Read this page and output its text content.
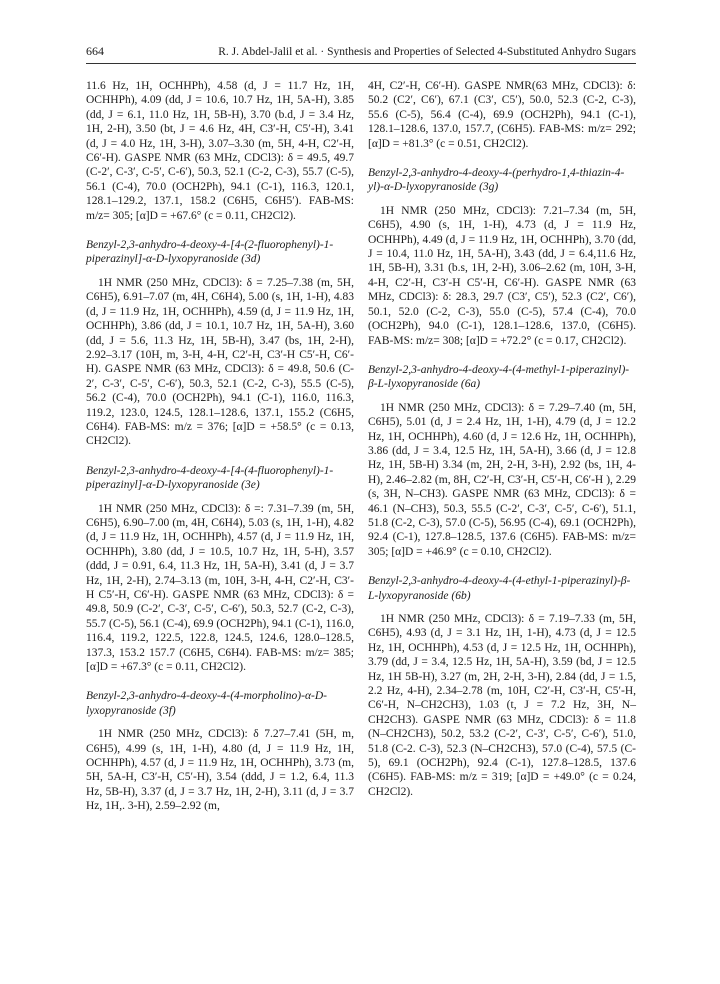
664	R. J. Abdel-Jalil et al. · Synthesis and Properties of Selected 4-Substituted Anhydro Sugars

11.6 Hz, 1H, OCHHPh), 4.58 (d, J = 11.7 Hz, 1H, OCHHPh), 4.09 (dd, J = 10.6, 10.7 Hz, 1H, 5A-H), 3.85 (dd, J = 6.1, 11.0 Hz, 1H, 5B-H), 3.70 (b.d, J = 3.4 Hz, 1H, 2-H), 3.50 (bt, J = 4.6 Hz, 4H, C3′-H, C5′-H), 3.41 (d, J = 4.0 Hz, 1H, 3-H), 3.07–3.30 (m, 5H, 4-H, C2′-H, C6′-H). GASPE NMR (63 MHz, CDCl3): δ = 49.5, 49.7 (C-2′, C-3′, C-5′, C-6′), 50.3, 52.1 (C-2, C-3), 55.7 (C-5), 56.1 (C-4), 70.0 (OCH2Ph), 94.1 (C-1), 116.3, 120.1, 128.1–129.2, 137.1, 158.2 (C6H5, C6H5′). FAB-MS: m/z= 305; [α]D = +67.6° (c = 0.11, CH2Cl2).

Benzyl-2,3-anhydro-4-deoxy-4-[4-(2-fluorophenyl)-1-piperazinyl]-α-D-lyxopyranoside (3d)

1H NMR (250 MHz, CDCl3): δ = 7.25–7.38 (m, 5H, C6H5), 6.91–7.07 (m, 4H, C6H4), 5.00 (s, 1H, 1-H), 4.83 (d, J = 11.9 Hz, 1H, OCHHPh), 4.59 (d, J = 11.9 Hz, 1H, OCHHPh), 3.86 (dd, J = 10.1, 10.7 Hz, 1H, 5A-H), 3.60 (dd, J = 5.6, 11.3 Hz, 1H, 5B-H), 3.47 (bs, 1H, 2-H), 2.92–3.17 (10H, m, 3-H, 4-H, C2′-H, C3′-H C5′-H, C6′-H). GASPE NMR (63 MHz, CDCl3): δ = 49.8, 50.6 (C-2′, C-3′, C-5′, C-6′), 50.3, 52.1 (C-2, C-3), 55.5 (C-5), 56.2 (C-4), 70.0 (OCH2Ph), 94.1 (C-1), 116.0, 116.3, 119.2, 123.0, 124.5, 128.1–128.6, 137.1, 155.2 (C6H5, C6H4). FAB-MS: m/z = 376; [α]D = +58.5° (c = 0.13, CH2Cl2).

Benzyl-2,3-anhydro-4-deoxy-4-[4-(4-fluorophenyl)-1-piperazinyl]-α-D-lyxopyranoside (3e)

1H NMR (250 MHz, CDCl3): δ =: 7.31–7.39 (m, 5H, C6H5), 6.90–7.00 (m, 4H, C6H4), 5.03 (s, 1H, 1-H), 4.82 (d, J = 11.9 Hz, 1H, OCHHPh), 4.57 (d, J = 11.9 Hz, 1H, OCHHPh), 3.80 (dd, J = 10.5, 10.7 Hz, 1H, 5-H), 3.57 (ddd, J = 0.91, 6.4, 11.3 Hz, 1H, 5A-H), 3.41 (d, J = 3.7 Hz, 1H, 2-H), 2.74–3.13 (m, 10H, 3-H, 4-H, C2′-H, C3′-H C5′-H, C6′-H). GASPE NMR (63 MHz, CDCl3): δ = 49.8, 50.9 (C-2′, C-3′, C-5′, C-6′), 50.3, 52.7 (C-2, C-3), 55.7 (C-5), 56.1 (C-4), 69.9 (OCH2Ph), 94.1 (C-1), 116.0, 116.4, 119.2, 122.5, 122.8, 124.5, 124.6, 128.0–128.5, 137.3, 153.2 157.7 (C6H5, C6H4). FAB-MS: m/z= 385; [α]D = +67.3° (c = 0.11, CH2Cl2).

Benzyl-2,3-anhydro-4-deoxy-4-(4-morpholino)-α-D-lyxopyranoside (3f)

1H NMR (250 MHz, CDCl3): δ 7.27–7.41 (5H, m, C6H5), 4.99 (s, 1H, 1-H), 4.80 (d, J = 11.9 Hz, 1H, OCHHPh), 4.57 (d, J = 11.9 Hz, 1H, OCHHPh), 3.73 (m, 5H, 5A-H, C3′-H, C5′-H), 3.54 (ddd, J = 1.2, 6.4, 11.3 Hz, 5B-H), 3.37 (d, J = 3.7 Hz, 1H, 2-H), 3.11 (d, J = 3.7 Hz, 1H,. 3-H), 2.59–2.92 (m,

4H, C2′-H, C6′-H). GASPE NMR(63 MHz, CDCl3): δ: 50.2 (C2′, C6′), 67.1 (C3′, C5′), 50.0, 52.3 (C-2, C-3), 55.6 (C-5), 56.4 (C-4), 69.9 (OCH2Ph), 94.1 (C-1), 128.1–128.6, 137.0, 157.7, (C6H5). FAB-MS: m/z= 292; [α]D = +81.3° (c = 0.51, CH2Cl2).

Benzyl-2,3-anhydro-4-deoxy-4-(perhydro-1,4-thiazin-4-yl)-α-D-lyxopyranoside (3g)

1H NMR (250 MHz, CDCl3): 7.21–7.34 (m, 5H, C6H5), 4.90 (s, 1H, 1-H), 4.73 (d, J = 11.9 Hz, OCHHPh), 4.49 (d, J = 11.9 Hz, 1H, OCHHPh), 3.70 (dd, J = 10.4, 11.0 Hz, 1H, 5A-H), 3.43 (dd, J = 6.4,11.6 Hz, 1H, 5B-H), 3.31 (b.s, 1H, 2-H), 3.06–2.62 (m, 10H, 3-H, 4-H, C2′-H, C3′-H C5′-H, C6′-H). GASPE NMR (63 MHz, CDCl3): δ: 28.3, 29.7 (C3′, C5′), 52.3 (C2′, C6′), 50.1, 52.0 (C-2, C-3), 55.0 (C-5), 57.4 (C-4), 70.0 (OCH2Ph), 94.0 (C-1), 128.1–128.6, 137.0, (C6H5). FAB-MS: m/z= 308; [α]D = +72.2° (c = 0.17, CH2Cl2).

Benzyl-2,3-anhydro-4-deoxy-4-(4-methyl-1-piperazinyl)-β-L-lyxopyranoside (6a)

1H NMR (250 MHz, CDCl3): δ = 7.29–7.40 (m, 5H, C6H5), 5.01 (d, J = 2.4 Hz, 1H, 1-H), 4.79 (d, J = 12.2 Hz, 1H, OCHHPh), 4.60 (d, J = 12.6 Hz, 1H, OCHHPh), 3.86 (dd, J = 3.4, 12.5 Hz, 1H, 5A-H), 3.66 (d, J = 12.8 Hz, 1H, 5B-H) 3.34 (m, 2H, 2-H, 3-H), 2.92 (bs, 1H, 4-H), 2.46–2.82 (m, 8H, C2′-H, C3′-H, C5′-H, C6′-H ), 2.29 (s, 3H, N–CH3). GASPE NMR (63 MHz, CDCl3): δ = 46.1 (N–CH3), 50.3, 55.5 (C-2′, C-3′, C-5′, C-6′), 51.1, 51.8 (C-2, C-3), 57.0 (C-5), 56.95 (C-4), 69.1 (OCH2Ph), 92.4 (C-1), 127.8–128.5, 137.6 (C6H5). FAB-MS: m/z= 305; [α]D = +46.9° (c = 0.10, CH2Cl2).

Benzyl-2,3-anhydro-4-deoxy-4-(4-ethyl-1-piperazinyl)-β-L-lyxopyranoside (6b)

1H NMR (250 MHz, CDCl3): δ = 7.19–7.33 (m, 5H, C6H5), 4.93 (d, J = 3.1 Hz, 1H, 1-H), 4.73 (d, J = 12.5 Hz, 1H, OCHHPh), 4.53 (d, J = 12.5 Hz, 1H, OCHHPh), 3.79 (dd, J = 3.4, 12.5 Hz, 1H, 5A-H), 3.59 (bd, J = 12.5 Hz, 1H 5B-H), 3.27 (m, 2H, 2-H, 3-H), 2.84 (dd, J = 1.5, 2.2 Hz, 4-H), 2.34–2.78 (m, 10H, C2′-H, C3′-H, C5′-H, C6′-H, N–CH2CH3), 1.03 (t, J = 7.2 Hz, 3H, N–CH2CH3). GASPE NMR (63 MHz, CDCl3): δ = 11.8 (N–CH2CH3), 50.2, 53.2 (C-2′, C-3′, C-5′, C-6′), 51.0, 51.8 (C-2. C-3), 52.3 (N–CH2CH3), 57.0 (C-4), 57.5 (C-5), 69.1 (OCH2Ph), 92.4 (C-1), 127.8–128.5, 137.6 (C6H5). FAB-MS: m/z = 319; [α]D = +49.0° (c = 0.24, CH2Cl2).
